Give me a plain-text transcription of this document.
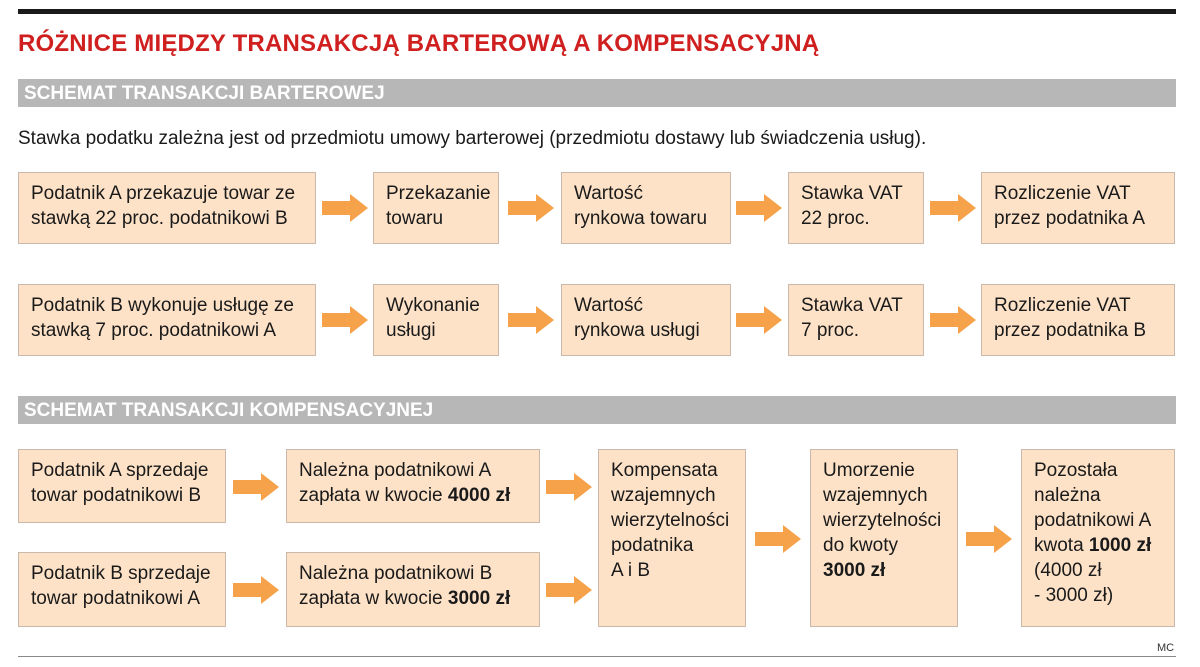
RÓŻNICE MIĘDZY TRANSAKCJĄ BARTEROWĄ A KOMPENSACYJNĄ
SCHEMAT TRANSAKCJI BARTEROWEJ
Stawka podatku zależna jest od przedmiotu umowy barterowej (przedmiotu dostawy lub świadczenia usług).
Podatnik A przekazuje towar ze
stawką 22 proc. podatnikowi B
Przekazanie
towaru
Wartość
rynkowa towaru
Stawka VAT
22 proc.
Rozliczenie VAT
przez podatnika A
Podatnik B wykonuje usługę ze
stawką 7 proc. podatnikowi A
Wykonanie
usługi
Wartość
rynkowa usługi
Stawka VAT
7 proc.
Rozliczenie VAT
przez podatnika B
SCHEMAT TRANSAKCJI KOMPENSACYJNEJ
Podatnik A sprzedaje
towar podatnikowi B
Należna podatnikowi A
zapłata w kwocie 4000 zł
Podatnik B sprzedaje
towar podatnikowi A
Należna podatnikowi B
zapłata w kwocie 3000 zł
Kompensata
wzajemnych
wierzytelności
podatnika
A i B
Umorzenie
wzajemnych
wierzytelności
do kwoty
3000 zł
Pozostała
należna
podatnikowi A
kwota 1000 zł
(4000 zł
- 3000 zł)
MC
